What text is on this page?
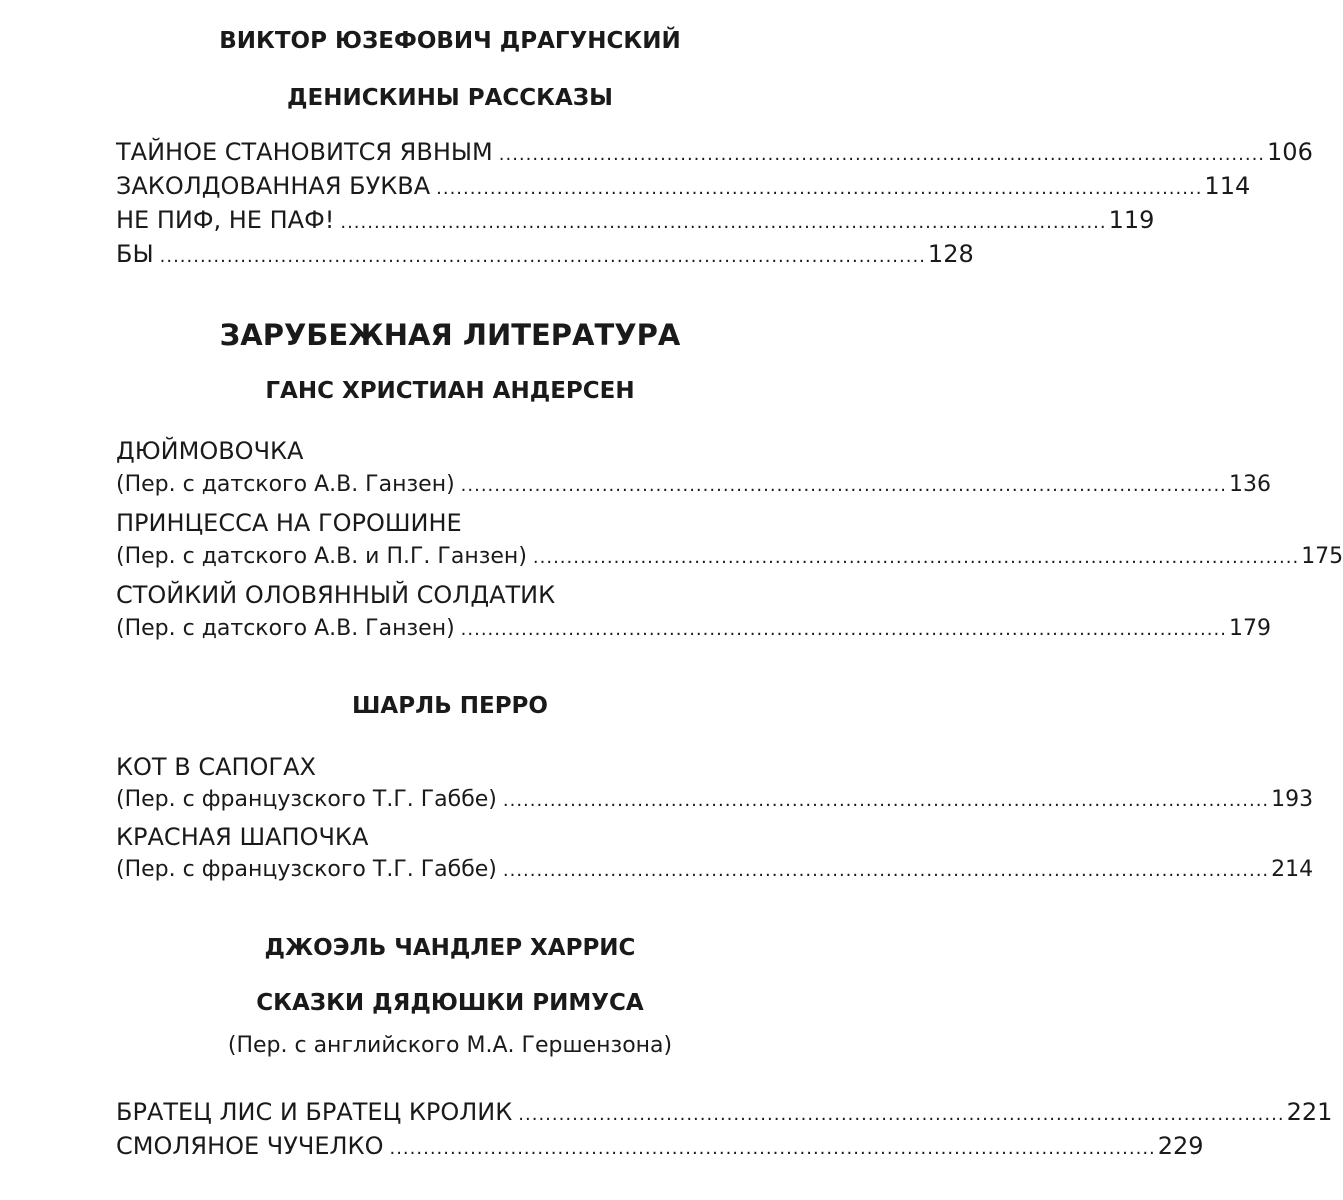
ВИКТОР ЮЗЕФОВИЧ ДРАГУНСКИЙ
ДЕНИСКИНЫ РАССКАЗЫ
ТАЙНОЕ СТАНОВИТСЯ ЯВНЫМ .................................................................................................................. 106
ЗАКОЛДОВАННАЯ БУКВА .................................................................................................................. 114
НЕ ПИФ, НЕ ПАФ! .................................................................................................................. 119
БЫ .................................................................................................................. 128
ЗАРУБЕЖНАЯ ЛИТЕРАТУРА
ГАНС ХРИСТИАН АНДЕРСЕН
ДЮЙМОВОЧКА
(Пер. с датского А.В. Ганзен) .................................................................................................................. 136
ПРИНЦЕССА НА ГОРОШИНЕ
(Пер. с датского А.В. и П.Г. Ганзен) .................................................................................................................. 175
СТОЙКИЙ ОЛОВЯННЫЙ СОЛДАТИК
(Пер. с датского А.В. Ганзен) .................................................................................................................. 179
ШАРЛЬ ПЕРРО
КОТ В САПОГАХ
(Пер. с французского Т.Г. Габбе) .................................................................................................................. 193
КРАСНАЯ ШАПОЧКА
(Пер. с французского Т.Г. Габбе) .................................................................................................................. 214
ДЖОЭЛЬ ЧАНДЛЕР ХАРРИС
СКАЗКИ ДЯДЮШКИ РИМУСА
(Пер. с английского М.А. Гершензона)
БРАТЕЦ ЛИС И БРАТЕЦ КРОЛИК .................................................................................................................. 221
СМОЛЯНОЕ ЧУЧЕЛКО .................................................................................................................. 229
